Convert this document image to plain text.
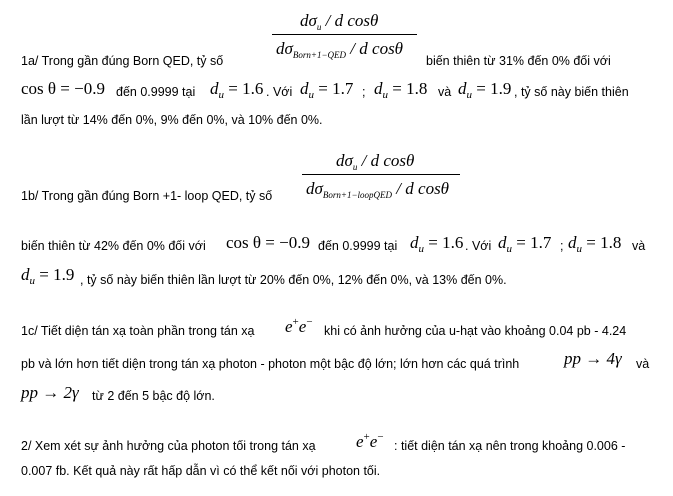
$d\sigma_u$ / d cosθ
$d\sigma_{Born+1-QED}$ / d cosθ
1a/ Trong gần đúng Born QED, tỷ số	biến thiên từ 31% đến 0% đối với
cos θ = −0.9 đến 0.9999 tại $d_u = 1.6$ . Với $d_u = 1.7$ ; $d_u = 1.8$ và $d_u = 1.9$ , tỷ số này biến thiên
lần lượt từ 14% đến 0%, 9% đến 0%, và 10% đến 0%.
$d\sigma_u$ / d cosθ
$d\sigma_{Born+1-loopQED}$ / d cosθ
1b/ Trong gần đúng Born +1- loop QED, tỷ số
biến thiên từ 42% đến 0% đối với cos θ = −0.9 đến 0.9999 tại $d_u = 1.6$ . Với $d_u = 1.7$ ; $d_u = 1.8$ và
$d_u = 1.9$ , tỷ số này biến thiên lần lượt từ 20% đến 0%, 12% đến 0%, và 13% đến 0%.
1c/ Tiết diện tán xạ toàn phần trong tán xạ e+e−
khi có ảnh hưởng của u-hạt vào khoảng 0.04 pb - 4.24
pb và lớn hơn tiết diện trong tán xạ photon - photon một bậc độ lớn; lớn hơn các quá trình	pp → 4γ và
pp → 2γ từ 2 đến 5 bậc độ lớn.
2/ Xem xét sự ảnh hưởng của photon tối trong tán xạ e+e−
: tiết diện tán xạ nên trong khoảng 0.006 -
0.007 fb. Kết quả này rất hấp dẫn vì có thể kết nối với photon tối.
